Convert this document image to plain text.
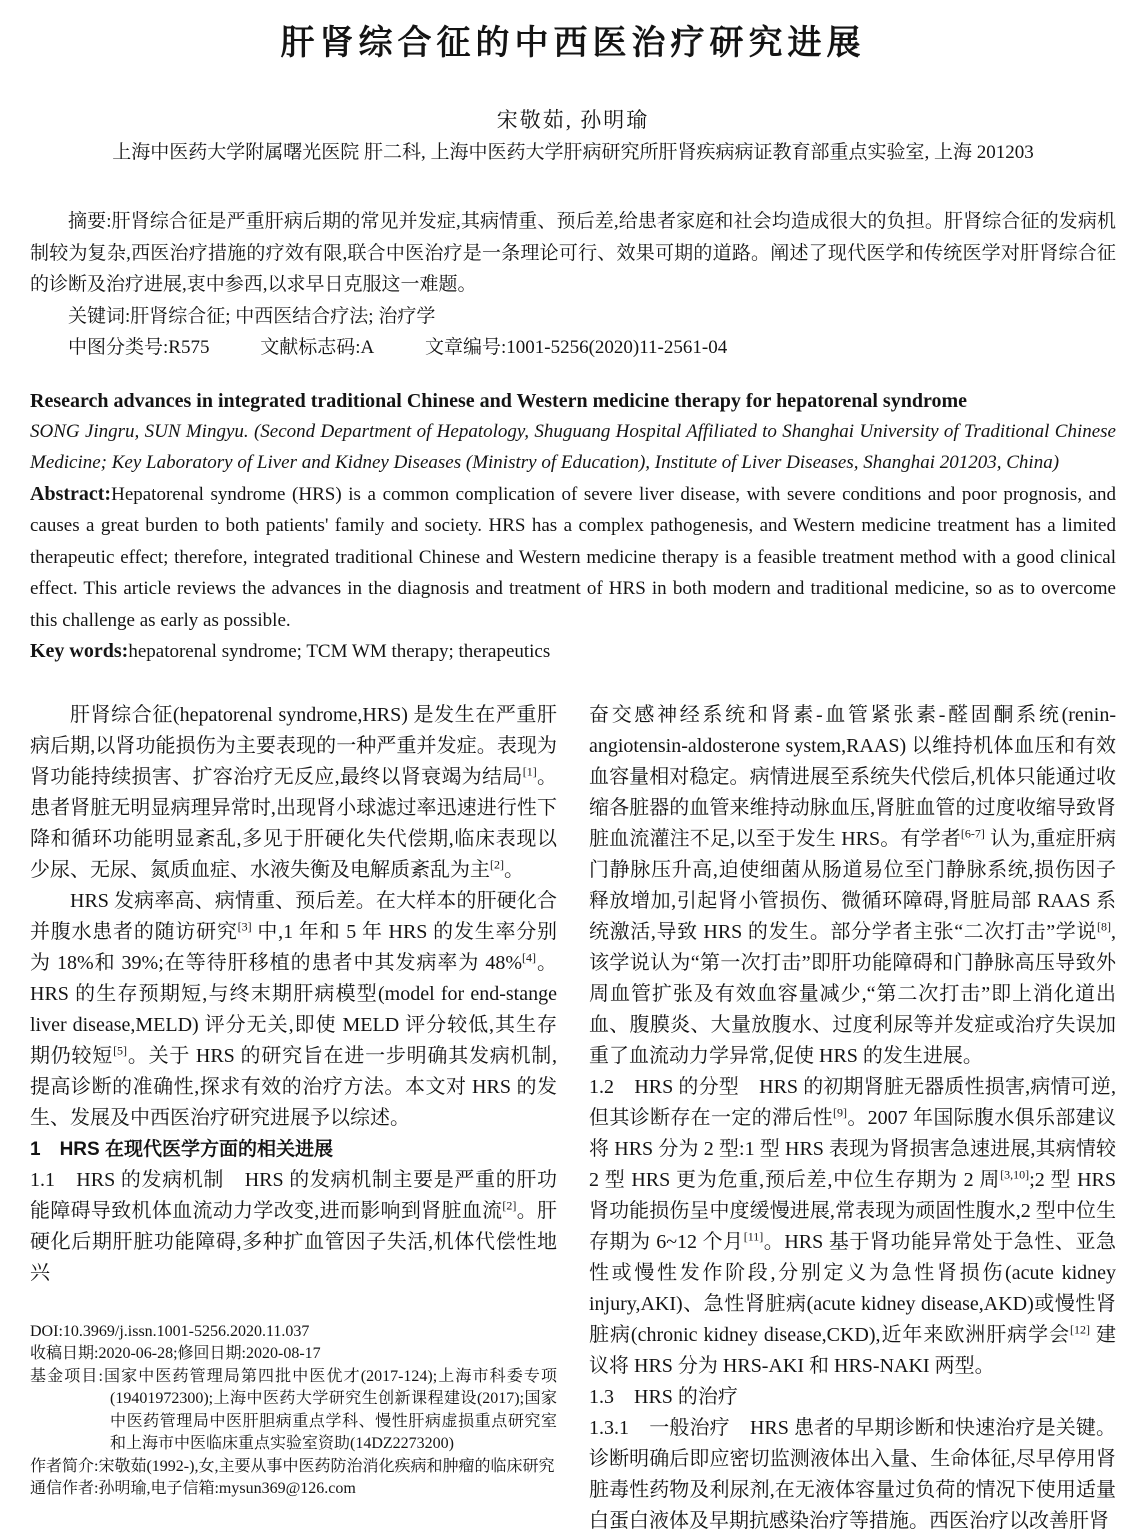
肝肾综合征的中西医治疗研究进展
宋敬茹, 孙明瑜
上海中医药大学附属曙光医院 肝二科, 上海中医药大学肝病研究所肝肾疾病病证教育部重点实验室, 上海 201203

摘要:肝肾综合征是严重肝病后期的常见并发症,其病情重、预后差,给患者家庭和社会均造成很大的负担。肝肾综合征的发病机制较为复杂,西医治疗措施的疗效有限,联合中医治疗是一条理论可行、效果可期的道路。阐述了现代医学和传统医学对肝肾综合征的诊断及治疗进展,衷中参西,以求早日克服这一难题。

关键词:肝肾综合征; 中西医结合疗法; 治疗学
中图分类号:R575	文献标志码:A	文章编号:1001-5256(2020)11-2561-04
Research advances in integrated traditional Chinese and Western medicine therapy for hepatorenal syndrome
SONG Jingru, SUN Mingyu. (Second Department of Hepatology, Shuguang Hospital Affiliated to Shanghai University of Traditional Chinese Medicine; Key Laboratory of Liver and Kidney Diseases (Ministry of Education), Institute of Liver Diseases, Shanghai 201203, China)
Abstract:Hepatorenal syndrome (HRS) is a common complication of severe liver disease, with severe conditions and poor prognosis, and causes a great burden to both patients' family and society. HRS has a complex pathogenesis, and Western medicine treatment has a limited therapeutic effect; therefore, integrated traditional Chinese and Western medicine therapy is a feasible treatment method with a good clinical effect. This article reviews the advances in the diagnosis and treatment of HRS in both modern and traditional medicine, so as to overcome this challenge as early as possible.
Key words:hepatorenal syndrome; TCM WM therapy; therapeutics
肝肾综合征(hepatorenal syndrome,HRS) 是发生在严重肝病后期,以肾功能损伤为主要表现的一种严重并发症。表现为肾功能持续损害、扩容治疗无反应,最终以肾衰竭为结局[1]。患者肾脏无明显病理异常时,出现肾小球滤过率迅速进行性下降和循环功能明显紊乱,多见于肝硬化失代偿期,临床表现以少尿、无尿、氮质血症、水液失衡及电解质紊乱为主[2]。
HRS 发病率高、病情重、预后差。在大样本的肝硬化合并腹水患者的随访研究[3] 中,1 年和 5 年 HRS 的发生率分别为 18%和 39%;在等待肝移植的患者中其发病率为 48%[4]。HRS 的生存预期短,与终末期肝病模型(model for end-stange liver disease,MELD) 评分无关,即使 MELD 评分较低,其生存期仍较短[5]。关于 HRS 的研究旨在进一步明确其发病机制,提高诊断的准确性,探求有效的治疗方法。本文对 HRS 的发生、发展及中西医治疗研究进展予以综述。
1　HRS 在现代医学方面的相关进展
1.1　HRS 的发病机制　HRS 的发病机制主要是严重的肝功能障碍导致机体血流动力学改变,进而影响到肾脏血流[2]。肝硬化后期肝脏功能障碍,多种扩血管因子失活,机体代偿性地兴
DOI:10.3969/j.issn.1001-5256.2020.11.037
收稿日期:2020-06-28;修回日期:2020-08-17
基金项目:国家中医药管理局第四批中医优才(2017-124);上海市科委专项(19401972300);上海中医药大学研究生创新课程建设(2017);国家中医药管理局中医肝胆病重点学科、慢性肝病虚损重点研究室和上海市中医临床重点实验室资助(14DZ2273200)
作者简介:宋敬茹(1992-),女,主要从事中医药防治消化疾病和肿瘤的临床研究
通信作者:孙明瑜,电子信箱:mysun369@126.com
奋交感神经系统和肾素-血管紧张素-醛固酮系统(renin-angiotensin-aldosterone system,RAAS) 以维持机体血压和有效血容量相对稳定。病情进展至系统失代偿后,机体只能通过收缩各脏器的血管来维持动脉血压,肾脏血管的过度收缩导致肾脏血流灌注不足,以至于发生 HRS。有学者[6-7] 认为,重症肝病门静脉压升高,迫使细菌从肠道易位至门静脉系统,损伤因子释放增加,引起肾小管损伤、微循环障碍,肾脏局部 RAAS 系统激活,导致 HRS 的发生。部分学者主张“二次打击”学说[8],该学说认为“第一次打击”即肝功能障碍和门静脉高压导致外周血管扩张及有效血容量减少,“第二次打击”即上消化道出血、腹膜炎、大量放腹水、过度利尿等并发症或治疗失误加重了血流动力学异常,促使 HRS 的发生进展。
1.2　HRS 的分型　HRS 的初期肾脏无器质性损害,病情可逆,但其诊断存在一定的滞后性[9]。2007 年国际腹水俱乐部建议将 HRS 分为 2 型:1 型 HRS 表现为肾损害急速进展,其病情较 2 型 HRS 更为危重,预后差,中位生存期为 2 周[3,10];2 型 HRS 肾功能损伤呈中度缓慢进展,常表现为顽固性腹水,2 型中位生存期为 6~12 个月[11]。HRS 基于肾功能异常处于急性、亚急性或慢性发作阶段,分别定义为急性肾损伤(acute kidney injury,AKI)、急性肾脏病(acute kidney disease,AKD)或慢性肾脏病(chronic kidney disease,CKD),近年来欧洲肝病学会[12] 建议将 HRS 分为 HRS-AKI 和 HRS-NAKI 两型。
1.3　HRS 的治疗
1.3.1　一般治疗　HRS 患者的早期诊断和快速治疗是关键。诊断明确后即应密切监测液体出入量、生命体征,尽早停用肾脏毒性药物及利尿剂,在无液体容量过负荷的情况下使用适量白蛋白液体及早期抗感染治疗等措施。西医治疗以改善肝肾
